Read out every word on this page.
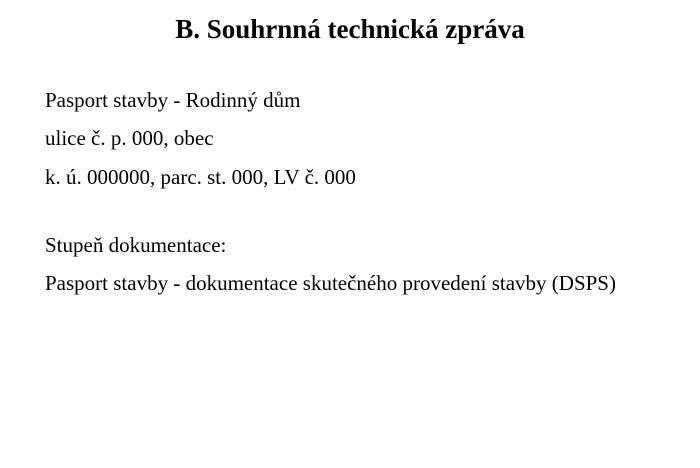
B. Souhrnná technická zpráva

Pasport stavby - Rodinný dům

ulice č. p. 000, obec

k. ú. 000000, parc. st. 000, LV č. 000

Stupeň dokumentace:

Pasport stavby - dokumentace skutečného provedení stavby (DSPS)
